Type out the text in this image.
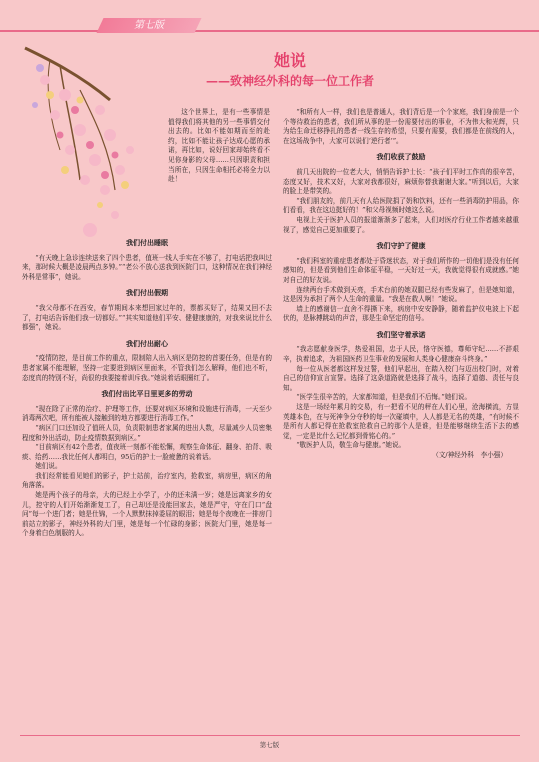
第七版
她说
——致神经外科的每一位工作者

这个世界上，是有一些事情是值得我们将其他的另一些事情交付出去的。比如不能如期而至的赴约，比如不能让孩子达成心愿的承诺，再比如，说好回家却始终看不见你身影的父母……只因职责和担当所在，只因生命相托必将全力以赴！

我们付出睡眠

“有天晚上急诊连续送来了四个患者，值班一线人手实在不够了，打电话把我叫过来，那时候大概是凌晨两点多钟。”“老公不放心送我到医院门口，这种情况在我们神经外科是常事”，她说。

我们付出假期

“我父母都不在西安，春节期间本来想回家过年的，票都买好了，结果又回不去了，打电话告诉他们我一切都好。”“其实知道他们平安、健健康康的，对我来说比什么都强”，她说。

我们付出耐心

“疫情防控，是目前工作的重点，限制陪人出入病区是防控的首要任务，但是有的患者家属不能理解，坚持一定要进到病区里面来，不管我们怎么解释，他们也不听，态度真的特别不好，尚很的我要接着训斥我。”她说着话眼圈红了。

我们付出比平日里更多的劳动

“现在除了正常的治疗、护理等工作，还要对病区环境和设施进行消毒，一天至少消毒两次吧，所有能被人接触到的地方都要进行消毒工作。”

“病区门口还加设了值班人员，负责限制患者家属的进出人数，尽量减少人员密集程度和外出活动，防止疫情数据到病区。”

“目前病区有42个患者，值夜班一刻都不能松懈，观察生命体征、翻身、拍背、吸痰、给药……我比任何人都明白，95后的护士一脸疲惫的说着话。

她们说。

我们经常能看见她们的影子，护士站前，治疗室内，抢救室，病房里，病区的角角落落。

她是两个孩子的母亲，大的已经上小学了，小的还未满一岁；她是远离家乡的女儿，控守的人们开始渐渐复工了，自己却还是没能回家去，她是严守，守在门口“盘问”每一个进门者；她是仕锦，一个人默默抹掉委屈的眼泪；她是每个夜晚在一排房门前站立的影子，神经外科的大门里，她是每一个忙碌的身影；医院大门里，她是每一个身着白色制服的人。

“和所有人一样，我们也是普通人，我们背后是一个个家庭，我们身前是一个个等待救治的患者，我们所从事的是一份需要付出的事业，不为伟大和光辉，只为给生命迁移挣扎的患者一线生存的希望，只要有需要，我们都是在前线的人，在这场战争中，大家可以说们‘逆行者’”。

我们收获了鼓励

前几天出院的一位老大大，悄悄告诉护士长：“孩子们平时工作真的很辛苦，态度又好，技术又好，大家对我都很好，麻烦你替我谢谢大家。”听到以后，大家的脸上是带笑的。

“我们朋友的，前几天有人给医院捐了奶和饮料，还有一些消毒防护用品，你们看看，我在这边挺好的！”和父母视频时她这么说。

电视上关于医护人员的报道渐渐多了起来，人们对医疗行业工作者越来越重视了，感觉自己更加重要了。

我们守护了健康

“我们科室的重症患者都处于昏迷状态，对于我们所作的一切他们是没有任何感知的，但是看到他们生命体征平稳，一天好过一天，我就觉得很有成就感。”她对自己的好友说。

连续两台手术做到天亮，手术台前的她双腿已经有些发麻了，但是她知道，这是因为承担了两个人生命的重量。“我是在救人啊！”她说。

墙上的感谢信一直舍不得撕下来，病房中安安静静，随着监护仪电波上下起伏的，是脉搏跳动的声音，那是生命坚定的信号。

我们坚守着承诺

“我志愿献身医学，热爱祖国，忠于人民，恪守医德，尊师守纪……不辞艰辛，执着追求，为祖国医药卫生事业的发展和人类身心健康奋斗终身。”

每一位从医者都这样发过誓，他们早起出，在踏入校门与迈出校门时，对着自己的信仰宣言宣誓。选择了这条道路就是选择了战斗，选择了道德、责任与良知。

“医学生很辛苦的，大家都知道，但是我们不后悔。”她们说。

这是一场经年累月的交易，有一把看不见的秤在人们心里，沧海横流，方显英雄本色，在与死神争分夺秒的每一次碰填中，人人都是无名的英雄，“有时候不是所有人都记得在抢救室抢救自己的那个人是谁，但是能够继续生活下去的感觉，一定是比什么记忆都到骨铭心的。”

“敬医护人员，敬生命与健康。”她说。

（文/神经外科　李小强）

第七版
